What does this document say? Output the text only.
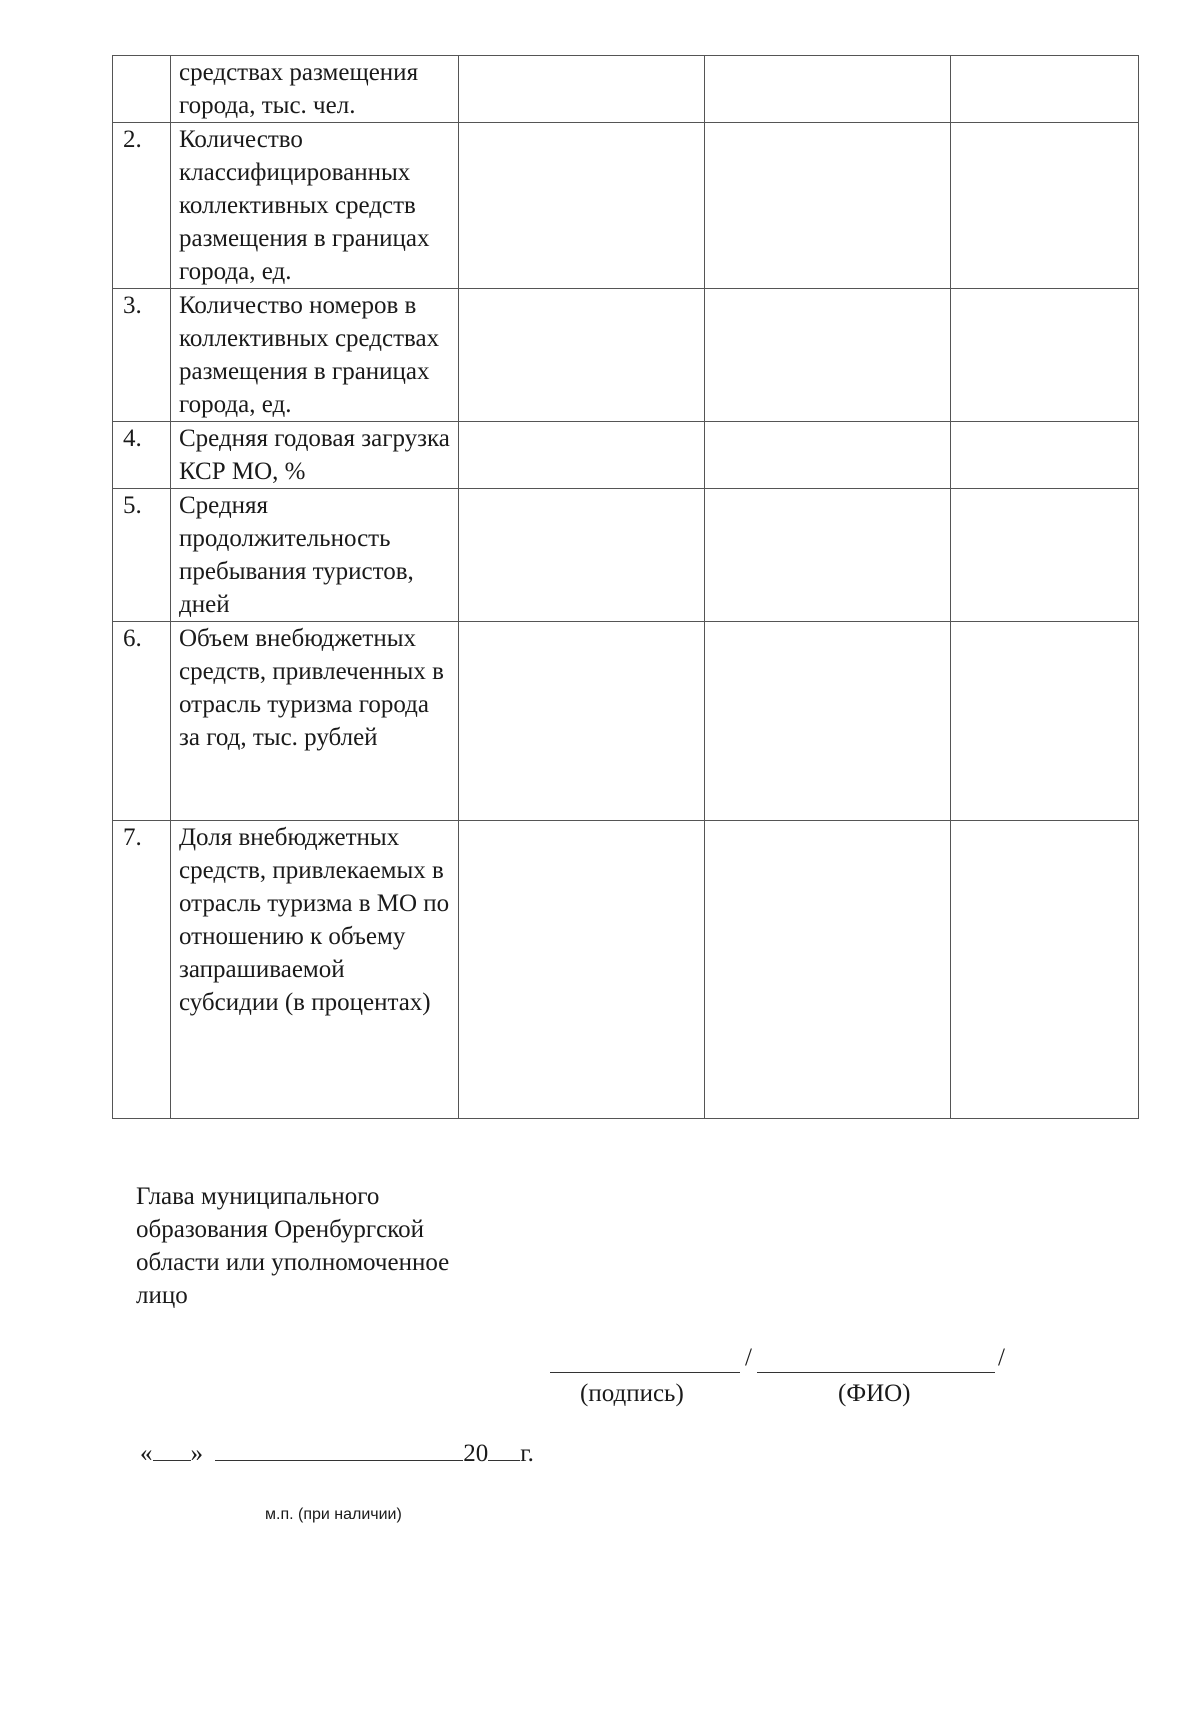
	средствах размещения города, тыс. чел.			
2.	Количество классифицированных коллективных средств размещения в границах города, ед.			
3.	Количество номеров в коллективных средствах размещения в границах города, ед.			
4.	Средняя годовая загрузка КСР МО, %			
5.	Средняя продолжительность пребывания туристов, дней			
6.	Объем внебюджетных средств, привлеченных в отрасль туризма города за год, тыс. рублей			
7.	Доля внебюджетных средств, привлекаемых в отрасль туризма в МО по отношению к объему запрашиваемой субсидии (в процентах)			
Глава муниципального образования Оренбургской области или уполномоченное лицо
/	/
(подпись)	(ФИО)
« »	20 г.
м.п. (при наличии)
